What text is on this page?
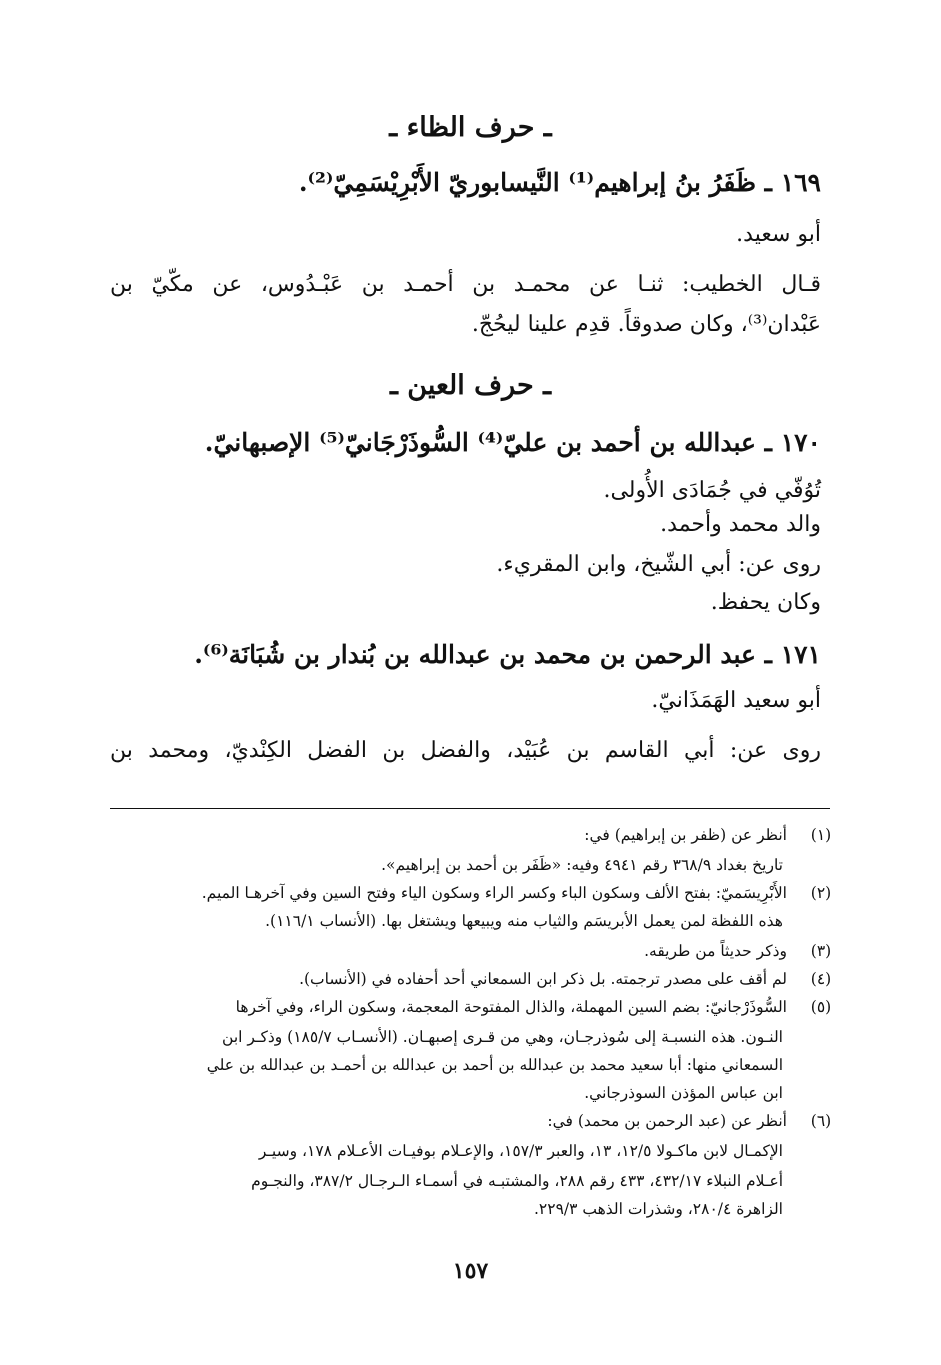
ـ حرف الظاء ـ
١٦٩ ـ ظَفَرُ بنُ إبراهيم⁽¹⁾ النَّيسابوريّ الأَبْرِيْسَمِيّ⁽²⁾.
أبو سعيد.
قـال الخطيب: ثنـا عن محمـد بن أحمـد بن عَبْـدُوس، عن مكّيّ بن
عَبْدان⁽³⁾، وكان صدوقاً. قدِم علينا ليحُجّ.
ـ حرف العين ـ
١٧٠ ـ عبدالله بن أحمد بن عليّ⁽⁴⁾ السُّوذَرْجَانيّ⁽⁵⁾ الإصبهانيّ.
تُوُفّي في جُمَادَى الأُولى.
والد محمد وأحمد.
روى عن: أبي الشّيخ، وابن المقريء.
وكان يحفظ.
١٧١ ـ عبد الرحمن بن محمد بن عبدالله بن بُندار بن شُبَانَة⁽⁶⁾.
أبو سعيد الهَمَذَانيّ.
روى عن: أبي القاسم بن عُبَيْد، والفضل بن الفضل الكِنْديّ، ومحمد بن
(١)
أنظر عن (ظفر بن إبراهيم) في:
تاريخ بغداد ٣٦٨/٩ رقم ٤٩٤١ وفيه: «ظَفَر بن أحمد بن إبراهيم».
(٢)
الأَبْرِيسَميّ: بفتح الألف وسكون الباء وكسر الراء وسكون الياء وفتح السين وفي آخرهـا الميم.
هذه اللفظة لمن يعمل الأبريسَم والثياب منه ويبيعها ويشتغل بها. (الأنساب ١١٦/١).
(٣)
وذكر حديثاً من طريقه.
(٤)
لم أقف على مصدر ترجمته. بل ذكر ابن السمعاني أحد أحفاده في (الأنساب).
(٥)
السُّوذَرْجانيّ: بضم السين المهملة، والذال المفتوحة المعجمة، وسكون الراء، وفي آخرها
النـون. هذه النسبـة إلى سُوذرجـان، وهي من قـرى إصبهـان. (الأنسـاب ١٨٥/٧) وذكـر ابن
السمعاني منها: أبا سعيد محمد بن عبدالله بن أحمد بن عبدالله بن أحمـد بن عبدالله بن علي
ابن عباس المؤذن السوذرجاني.
(٦)
أنظر عن (عبد الرحمن بن محمد) في:
الإكمـال لابن ماكـولا ١٢/٥، ١٣، والعبر ١٥٧/٣، والإعـلام بوفيـات الأعـلام ١٧٨، وسيـر
أعـلام النبلاء ٤٣٢/١٧، ٤٣٣ رقم ٢٨٨، والمشتبـه في أسمـاء الـرجـال ٣٨٧/٢، والنجـوم
الزاهرة ٢٨٠/٤، وشذرات الذهب ٢٢٩/٣.
١٥٧
